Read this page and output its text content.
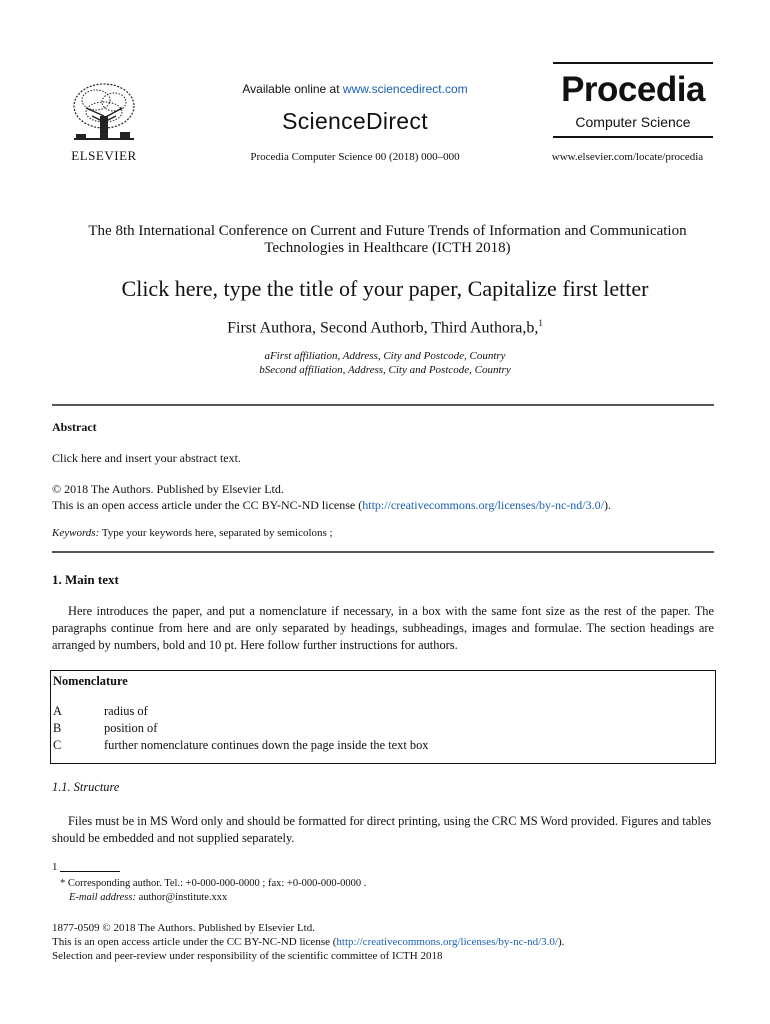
ELSEVIER
Available online at www.sciencedirect.com
ScienceDirect
Procedia Computer Science 00 (2018) 000–000
Procedia
Computer Science
www.elsevier.com/locate/procedia
The 8th International Conference on Current and Future Trends of Information and Communication Technologies in Healthcare (ICTH 2018)
Click here, type the title of your paper, Capitalize first letter
First Authora, Second Authorb, Third Authora,b,$^1$
aFirst affiliation, Address, City and Postcode, Country
bSecond affiliation, Address, City and Postcode, Country
Abstract
Click here and insert your abstract text.
© 2018 The Authors. Published by Elsevier Ltd.
This is an open access article under the CC BY-NC-ND license (http://creativecommons.org/licenses/by-nc-nd/3.0/).
Keywords: Type your keywords here, separated by semicolons ;
1. Main text
Here introduces the paper, and put a nomenclature if necessary, in a box with the same font size as the rest of the paper. The paragraphs continue from here and are only separated by headings, subheadings, images and formulae. The section headings are arranged by numbers, bold and 10 pt. Here follow further instructions for authors.
Nomenclature
A	radius of
B	position of
C	further nomenclature continues down the page inside the text box
1.1. Structure

Files must be in MS Word only and should be formatted for direct printing, using the CRC MS Word provided. Figures and tables should be embedded and not supplied separately.

1
* Corresponding author. Tel.: +0-000-000-0000 ; fax: +0-000-000-0000 .
E-mail address: author@institute.xxx
1877-0509 © 2018 The Authors. Published by Elsevier Ltd.
This is an open access article under the CC BY-NC-ND license (http://creativecommons.org/licenses/by-nc-nd/3.0/).
Selection and peer-review under responsibility of the scientific committee of ICTH 2018
